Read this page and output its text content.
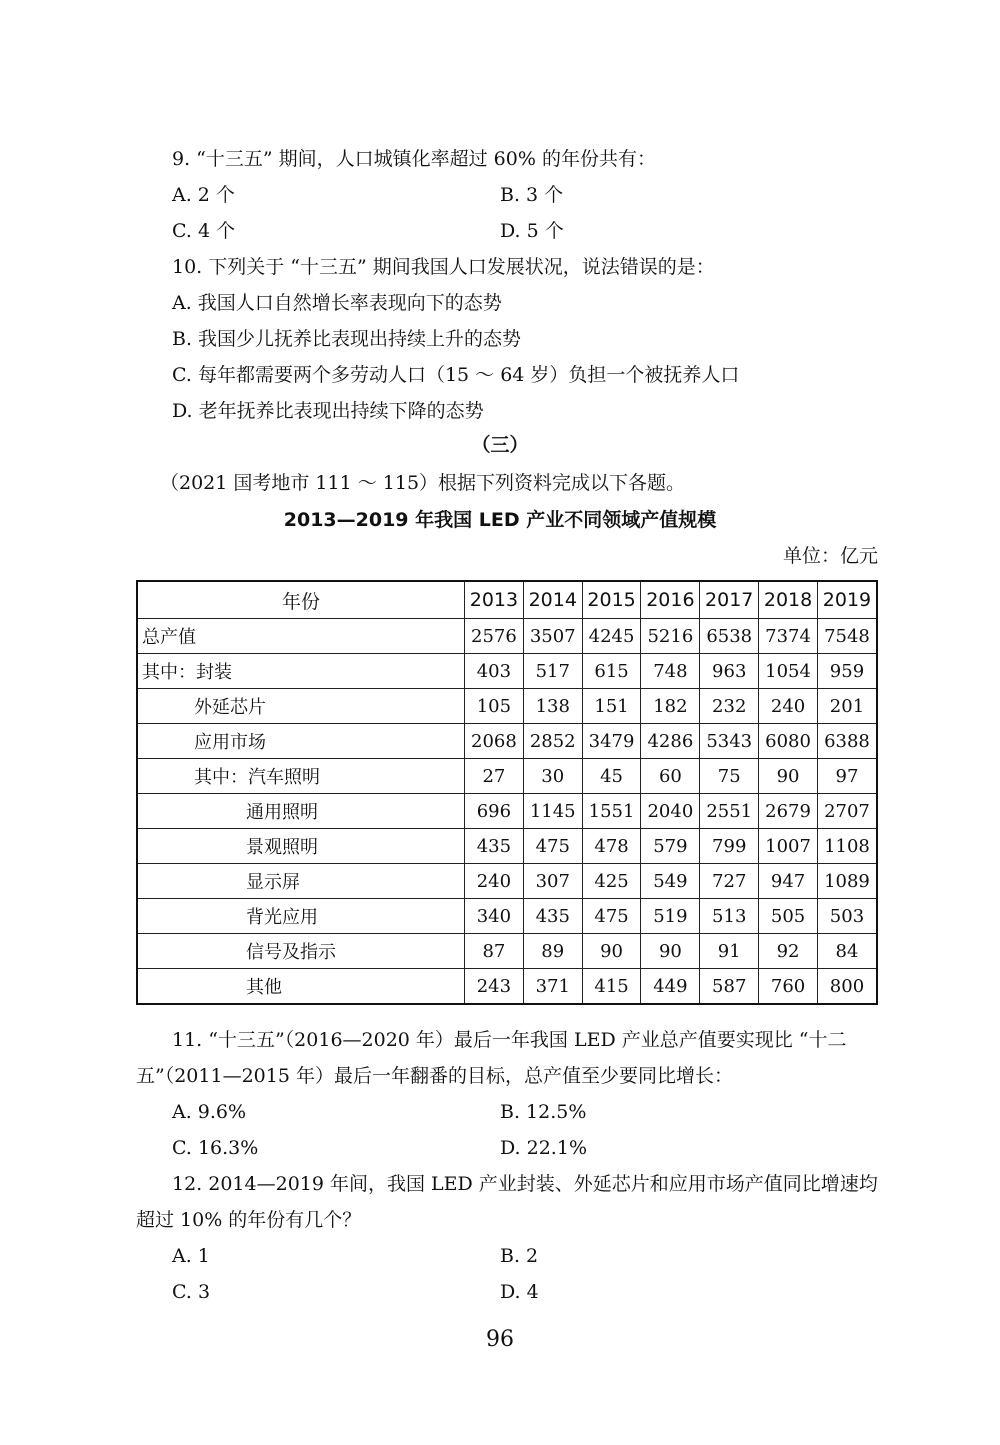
9. “十三五” 期间，人口城镇化率超过 60% 的年份共有：
A. 2 个	B. 3 个
C. 4 个	D. 5 个
10. 下列关于 “十三五” 期间我国人口发展状况，说法错误的是：
A. 我国人口自然增长率表现向下的态势
B. 我国少儿抚养比表现出持续上升的态势
C. 每年都需要两个多劳动人口（15 ～ 64 岁）负担一个被抚养人口
D. 老年抚养比表现出持续下降的态势
（三）
（2021 国考地市 111 ～ 115）根据下列资料完成以下各题。
2013—2019 年我国 LED 产业不同领域产值规模
单位：亿元
年份	2013	2014	2015	2016	2017	2018	2019
总产值	2576	3507	4245	5216	6538	7374	7548
其中：封装	403	517	615	748	963	1054	959
外延芯片	105	138	151	182	232	240	201
应用市场	2068	2852	3479	4286	5343	6080	6388
其中：汽车照明	27	30	45	60	75	90	97
通用照明	696	1145	1551	2040	2551	2679	2707
景观照明	435	475	478	579	799	1007	1108
显示屏	240	307	425	549	727	947	1089
背光应用	340	435	475	519	513	505	503
信号及指示	87	89	90	90	91	92	84
其他	243	371	415	449	587	760	800
11. “十三五”（2016—2020 年）最后一年我国 LED 产业总产值要实现比 “十二
五”（2011—2015 年）最后一年翻番的目标，总产值至少要同比增长：
A. 9.6%	B. 12.5%
C. 16.3%	D. 22.1%
12. 2014—2019 年间，我国 LED 产业封装、外延芯片和应用市场产值同比增速均
超过 10% 的年份有几个？
A. 1	B. 2
C. 3	D. 4
96
